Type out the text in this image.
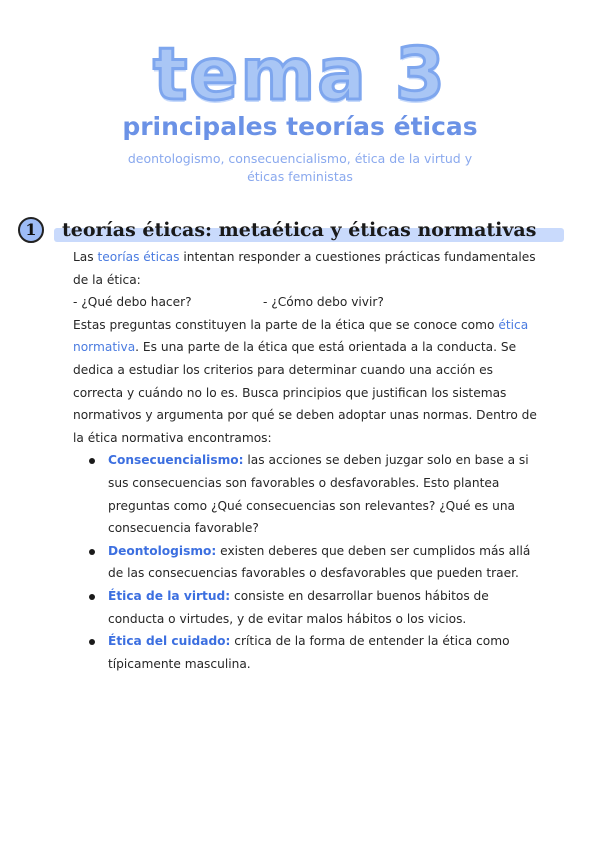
tema 3
principales teorías éticas
deontologismo, consecuencialismo, ética de la virtud y éticas feministas
1	teorías éticas: metaética y éticas normativas

Las teorías éticas intentan responder a cuestiones prácticas fundamentales de la ética:

- ¿Qué debo hacer?	- ¿Cómo debo vivir?

Estas preguntas constituyen la parte de la ética que se conoce como ética normativa. Es una parte de la ética que está orientada a la conducta. Se dedica a estudiar los criterios para determinar cuando una acción es correcta y cuándo no lo es. Busca principios que justifican los sistemas normativos y argumenta por qué se deben adoptar unas normas. Dentro de la ética normativa encontramos:

Consecuencialismo: las acciones se deben juzgar solo en base a si sus consecuencias son favorables o desfavorables. Esto plantea preguntas como ¿Qué consecuencias son relevantes? ¿Qué es una consecuencia favorable?
Deontologismo: existen deberes que deben ser cumplidos más allá de las consecuencias favorables o desfavorables que pueden traer.
Ética de la virtud: consiste en desarrollar buenos hábitos de conducta o virtudes, y de evitar malos hábitos o los vicios.
Ética del cuidado: crítica de la forma de entender la ética como típicamente masculina.
